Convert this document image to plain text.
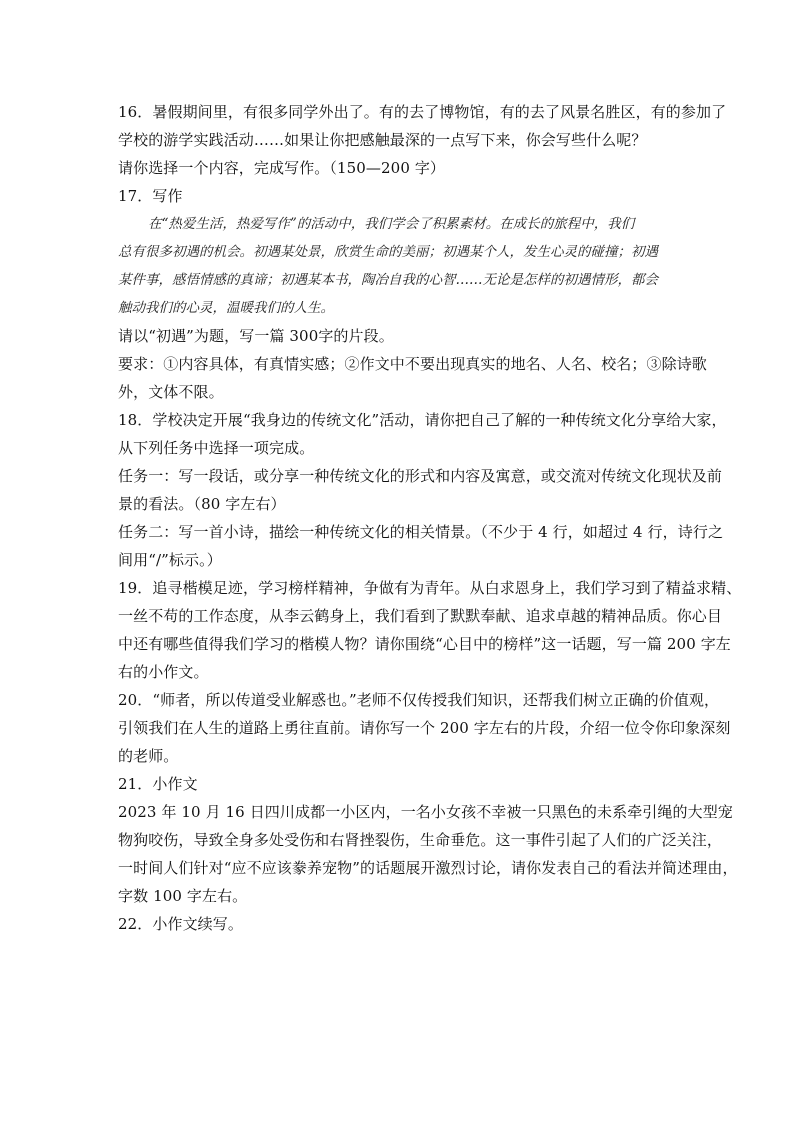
16．暑假期间里，有很多同学外出了。有的去了博物馆，有的去了风景名胜区，有的参加了
学校的游学实践活动……如果让你把感触最深的一点写下来，你会写些什么呢？
请你选择一个内容，完成写作。（150—200 字）
17．写作
在“热爱生活，热爱写作”的活动中，我们学会了积累素材。在成长的旅程中，我们
总有很多初遇的机会。初遇某处景，欣赏生命的美丽；初遇某个人，发生心灵的碰撞；初遇
某件事，感悟情感的真谛；初遇某本书，陶冶自我的心智……无论是怎样的初遇情形，都会
触动我们的心灵，温暖我们的人生。
请以“初遇”为题，写一篇 300字的片段。
要求：①内容具体，有真情实感；②作文中不要出现真实的地名、人名、校名；③除诗歌
外，文体不限。
18．学校决定开展“我身边的传统文化”活动，请你把自己了解的一种传统文化分享给大家，
从下列任务中选择一项完成。
任务一：写一段话，或分享一种传统文化的形式和内容及寓意，或交流对传统文化现状及前
景的看法。（80 字左右）
任务二：写一首小诗，描绘一种传统文化的相关情景。（不少于 4 行，如超过 4 行，诗行之
间用“/”标示。）
19．追寻楷模足迹，学习榜样精神，争做有为青年。从白求恩身上，我们学习到了精益求精、
一丝不苟的工作态度，从李云鹤身上，我们看到了默默奉献、追求卓越的精神品质。你心目
中还有哪些值得我们学习的楷模人物？请你围绕“心目中的榜样”这一话题，写一篇 200 字左
右的小作文。
20．“师者，所以传道受业解惑也。”老师不仅传授我们知识，还帮我们树立正确的价值观，
引领我们在人生的道路上勇往直前。请你写一个 200 字左右的片段，介绍一位令你印象深刻
的老师。
21．小作文
2023 年 10 月 16 日四川成都一小区内，一名小女孩不幸被一只黑色的未系牵引绳的大型宠
物狗咬伤，导致全身多处受伤和右肾挫裂伤，生命垂危。这一事件引起了人们的广泛关注，
一时间人们针对“应不应该豢养宠物”的话题展开激烈讨论，请你发表自己的看法并简述理由，
字数 100 字左右。
22．小作文续写。
